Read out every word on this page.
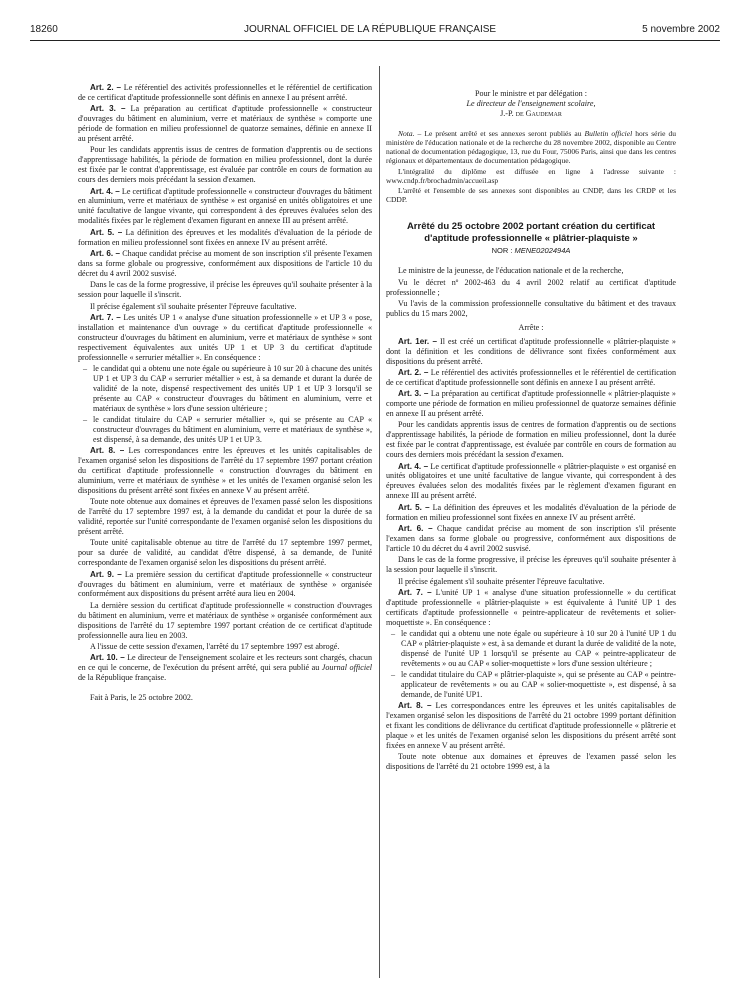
18260	JOURNAL OFFICIEL DE LA RÉPUBLIQUE FRANÇAISE	5 novembre 2002

Art. 2. – Le référentiel des activités professionnelles et le référentiel de certification de ce certificat d'aptitude professionnelle sont définis en annexe I au présent arrêté.

Art. 3. – La préparation au certificat d'aptitude professionnelle « constructeur d'ouvrages du bâtiment en aluminium, verre et matériaux de synthèse » comporte une période de formation en milieu professionnel de quatorze semaines, définie en annexe II au présent arrêté.

Pour les candidats apprentis issus de centres de formation d'apprentis ou de sections d'apprentissage habilités, la période de formation en milieu professionnel, dont la durée est fixée par le contrat d'apprentissage, est évaluée par contrôle en cours de formation au cours des derniers mois précédant la session d'examen.

Art. 4. – Le certificat d'aptitude professionnelle « constructeur d'ouvrages du bâtiment en aluminium, verre et matériaux de synthèse » est organisé en unités obligatoires et une unité facultative de langue vivante, qui correspondent à des épreuves évaluées selon des modalités fixées par le règlement d'examen figurant en annexe III au présent arrêté.

Art. 5. – La définition des épreuves et les modalités d'évaluation de la période de formation en milieu professionnel sont fixées en annexe IV au présent arrêté.

Art. 6. – Chaque candidat précise au moment de son inscription s'il présente l'examen dans sa forme globale ou progressive, conformément aux dispositions de l'article 10 du décret du 4 avril 2002 susvisé.

Dans le cas de la forme progressive, il précise les épreuves qu'il souhaite présenter à la session pour laquelle il s'inscrit.

Il précise également s'il souhaite présenter l'épreuve facultative.

Art. 7. – Les unités UP 1 « analyse d'une situation professionnelle » et UP 3 « pose, installation et maintenance d'un ouvrage » du certificat d'aptitude professionnelle « constructeur d'ouvrages du bâtiment en aluminium, verre et matériaux de synthèse » sont respectivement équivalentes aux unités UP 1 et UP 3 du certificat d'aptitude professionnelle « serrurier métallier ». En conséquence :

– le candidat qui a obtenu une note égale ou supérieure à 10 sur 20 à chacune des unités UP 1 et UP 3 du CAP « serrurier métallier » est, à sa demande et durant la durée de validité de la note, dispensé respectivement des unités UP 1 et UP 3 lorsqu'il se présente au CAP « constructeur d'ouvrages du bâtiment en aluminium, verre et matériaux de synthèse » lors d'une session ultérieure ;
– le candidat titulaire du CAP « serrurier métallier », qui se présente au CAP « constructeur d'ouvrages du bâtiment en aluminium, verre et matériaux de synthèse », est dispensé, à sa demande, des unités UP 1 et UP 3.

Art. 8. – Les correspondances entre les épreuves et les unités capitalisables de l'examen organisé selon les dispositions de l'arrêté du 17 septembre 1997 portant création du certificat d'aptitude professionnelle « construction d'ouvrages du bâtiment en aluminium, verre et matériaux de synthèse » et les unités de l'examen organisé selon les dispositions du présent arrêté sont fixées en annexe V au présent arrêté.

Toute note obtenue aux domaines et épreuves de l'examen passé selon les dispositions de l'arrêté du 17 septembre 1997 est, à la demande du candidat et pour la durée de sa validité, reportée sur l'unité correspondante de l'examen organisé selon les dispositions du présent arrêté.

Toute unité capitalisable obtenue au titre de l'arrêté du 17 septembre 1997 permet, pour sa durée de validité, au candidat d'être dispensé, à sa demande, de l'unité correspondante de l'examen organisé selon les dispositions du présent arrêté.

Art. 9. – La première session du certificat d'aptitude professionnelle « constructeur d'ouvrages du bâtiment en aluminium, verre et matériaux de synthèse » organisée conformément aux dispositions du présent arrêté aura lieu en 2004.

La dernière session du certificat d'aptitude professionnelle « construction d'ouvrages du bâtiment en aluminium, verre et matériaux de synthèse » organisée conformément aux dispositions de l'arrêté du 17 septembre 1997 portant création de ce certificat d'aptitude professionnelle aura lieu en 2003.

A l'issue de cette session d'examen, l'arrêté du 17 septembre 1997 est abrogé.

Art. 10. – Le directeur de l'enseignement scolaire et les recteurs sont chargés, chacun en ce qui le concerne, de l'exécution du présent arrêté, qui sera publié au Journal officiel de la République française.

Fait à Paris, le 25 octobre 2002.

Pour le ministre et par délégation :
Le directeur de l'enseignement scolaire,
J.-P. de Gaudemar

Nota. – Le présent arrêté et ses annexes seront publiés au Bulletin officiel hors série du ministère de l'éducation nationale et de la recherche du 28 novembre 2002, disponible au Centre national de documentation pédagogique, 13, rue du Four, 75006 Paris, ainsi que dans les centres régionaux et départementaux de documentation pédagogique.

L'intégralité du diplôme est diffusée en ligne à l'adresse suivante : www.cndp.fr/brochadmin/accueil.asp

L'arrêté et l'ensemble de ses annexes sont disponibles au CNDP, dans les CRDP et les CDDP.

Arrêté du 25 octobre 2002 portant création du certificat d'aptitude professionnelle « plâtrier-plaquiste »
NOR : MENE0202494A

Le ministre de la jeunesse, de l'éducation nationale et de la recherche,

Vu le décret nº 2002-463 du 4 avril 2002 relatif au certificat d'aptitude professionnelle ;

Vu l'avis de la commission professionnelle consultative du bâtiment et des travaux publics du 15 mars 2002,

Arrête :

Art. 1er. – Il est créé un certificat d'aptitude professionnelle « plâtrier-plaquiste » dont la définition et les conditions de délivrance sont fixées conformément aux dispositions du présent arrêté.

Art. 2. – Le référentiel des activités professionnelles et le référentiel de certification de ce certificat d'aptitude professionnelle sont définis en annexe I au présent arrêté.

Art. 3. – La préparation au certificat d'aptitude professionnelle « plâtrier-plaquiste » comporte une période de formation en milieu professionnel de quatorze semaines définie en annexe II au présent arrêté.

Pour les candidats apprentis issus de centres de formation d'apprentis ou de sections d'apprentissage habilités, la période de formation en milieu professionnel, dont la durée est fixée par le contrat d'apprentissage, est évaluée par contrôle en cours de formation au cours des derniers mois précédant la session d'examen.

Art. 4. – Le certificat d'aptitude professionnelle « plâtrier-plaquiste » est organisé en unités obligatoires et une unité facultative de langue vivante, qui correspondent à des épreuves évaluées selon des modalités fixées par le règlement d'examen figurant en annexe III au présent arrêté.

Art. 5. – La définition des épreuves et les modalités d'évaluation de la période de formation en milieu professionnel sont fixées en annexe IV au présent arrêté.

Art. 6. – Chaque candidat précise au moment de son inscription s'il présente l'examen dans sa forme globale ou progressive, conformément aux dispositions de l'article 10 du décret du 4 avril 2002 susvisé.

Dans le cas de la forme progressive, il précise les épreuves qu'il souhaite présenter à la session pour laquelle il s'inscrit.

Il précise également s'il souhaite présenter l'épreuve facultative.

Art. 7. – L'unité UP 1 « analyse d'une situation professionnelle » du certificat d'aptitude professionnelle « plâtrier-plaquiste » est équivalente à l'unité UP 1 des certificats d'aptitude professionnelle « peintre-applicateur de revêtements et solier-moquettiste ». En conséquence :

– le candidat qui a obtenu une note égale ou supérieure à 10 sur 20 à l'unité UP 1 du CAP « plâtrier-plaquiste » est, à sa demande et durant la durée de validité de la note, dispensé de l'unité UP 1 lorsqu'il se présente au CAP « peintre-applicateur de revêtements » ou au CAP « solier-moquettiste » lors d'une session ultérieure ;
– le candidat titulaire du CAP « plâtrier-plaquiste », qui se présente au CAP « peintre-applicateur de revêtements » ou au CAP « solier-moquettiste », est dispensé, à sa demande, de l'unité UP1.

Art. 8. – Les correspondances entre les épreuves et les unités capitalisables de l'examen organisé selon les dispositions de l'arrêté du 21 octobre 1999 portant définition et fixant les conditions de délivrance du certificat d'aptitude professionnelle « plâtrerie et plaque » et les unités de l'examen organisé selon les dispositions du présent arrêté sont fixées en annexe V au présent arrêté.

Toute note obtenue aux domaines et épreuves de l'examen passé selon les dispositions de l'arrêté du 21 octobre 1999 est, à la
